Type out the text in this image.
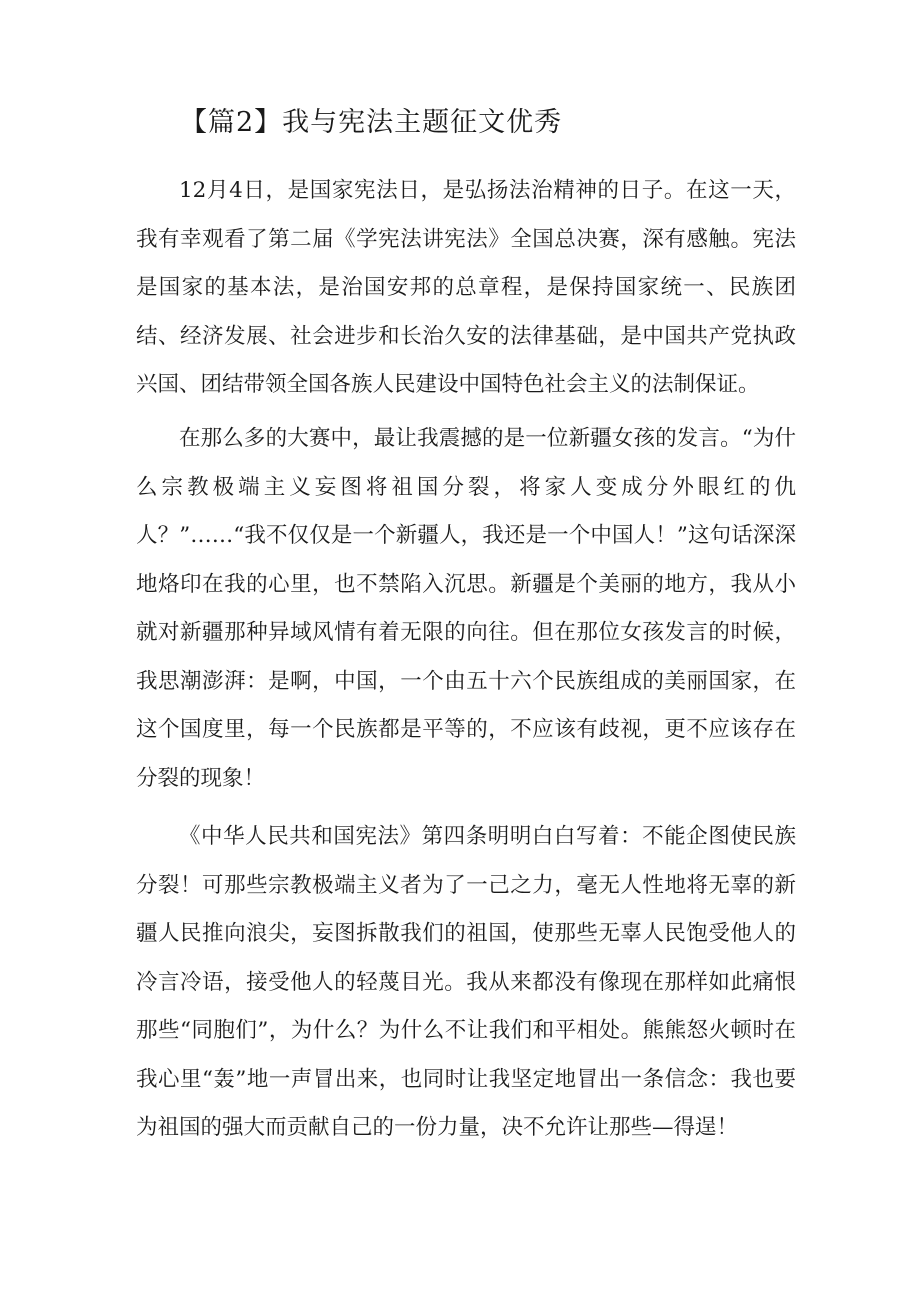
【篇2】我与宪法主题征文优秀

12月4日，是国家宪法日，是弘扬法治精神的日子。在这一天，我有幸观看了第二届《学宪法讲宪法》全国总决赛，深有感触。宪法是国家的基本法，是治国安邦的总章程，是保持国家统一、民族团结、经济发展、社会进步和长治久安的法律基础，是中国共产党执政兴国、团结带领全国各族人民建设中国特色社会主义的法制保证。

在那么多的大赛中，最让我震撼的是一位新疆女孩的发言。“为什么宗教极端主义妄图将祖国分裂，将家人变成分外眼红的仇人？”……“我不仅仅是一个新疆人，我还是一个中国人！”这句话深深地烙印在我的心里，也不禁陷入沉思。新疆是个美丽的地方，我从小就对新疆那种异域风情有着无限的向往。但在那位女孩发言的时候，我思潮澎湃：是啊，中国，一个由五十六个民族组成的美丽国家，在这个国度里，每一个民族都是平等的，不应该有歧视，更不应该存在分裂的现象！

《中华人民共和国宪法》第四条明明白白写着：不能企图使民族分裂！可那些宗教极端主义者为了一己之力，毫无人性地将无辜的新疆人民推向浪尖，妄图拆散我们的祖国，使那些无辜人民饱受他人的冷言冷语，接受他人的轻蔑目光。我从来都没有像现在那样如此痛恨那些“同胞们”，为什么？为什么不让我们和平相处。熊熊怒火顿时在我心里“轰”地一声冒出来，也同时让我坚定地冒出一条信念：我也要为祖国的强大而贡献自己的一份力量，决不允许让那些—得逞！
